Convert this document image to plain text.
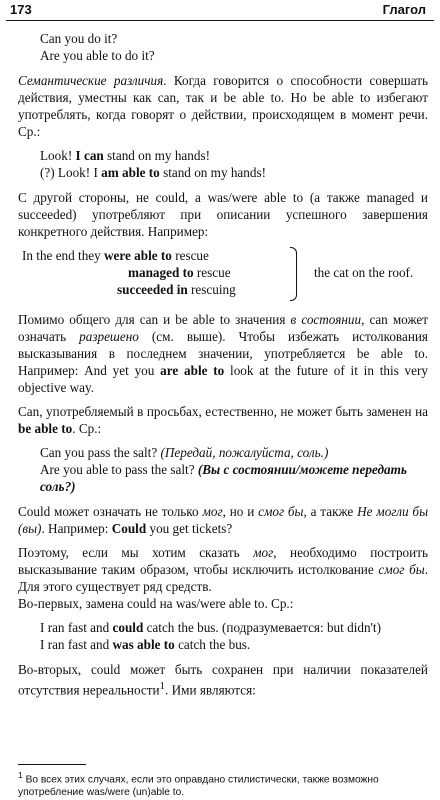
173	Глагол

Can you do it?

Are you able to do it?

Семантические различия. Когда говорится о способности совершать действия, уместны как can, так и be able to. Но be able to избегают употреблять, когда говорят о действии, происходящем в момент речи. Ср.:

Look! I can stand on my hands!

(?) Look! I am able to stand on my hands!

С другой стороны, не could, a was/were able to (а также managed и succeeded) употребляют при описании успешного завершения конкретного действия. Например:

In the end they were able to rescue
managed to rescue
succeeded in rescuing
the cat on the roof.

Помимо общего для can и be able to значения в состоянии, can может означать разрешено (см. выше). Чтобы избежать истолкования высказывания в последнем значении, употребляется be able to. Например: And yet you are able to look at the future of it in this very objective way.

Can, употребляемый в просьбах, естественно, не может быть заменен на be able to. Ср.:

Can you pass the salt? (Передай, пожалуйста, соль.)

Are you able to pass the salt? (Вы с состоянии/можете передать соль?)

Could может означать не только мог, но и смог бы, а также Не могли бы (вы). Например: Could you get tickets?

Поэтому, если мы хотим сказать мог, необходимо построить высказывание таким образом, чтобы исключить истолкование смог бы. Для этого существует ряд средств.

Во-первых, замена could на was/were able to. Ср.:

I ran fast and could catch the bus. (подразумевается: but didn't)

I ran fast and was able to catch the bus.

Во-вторых, could может быть сохранен при наличии показателей отсутствия нереальности$^1$. Ими являются:

$^1$ Во всех этих случаях, если это оправдано стилистически, также возможно употребление was/were (un)able to.
